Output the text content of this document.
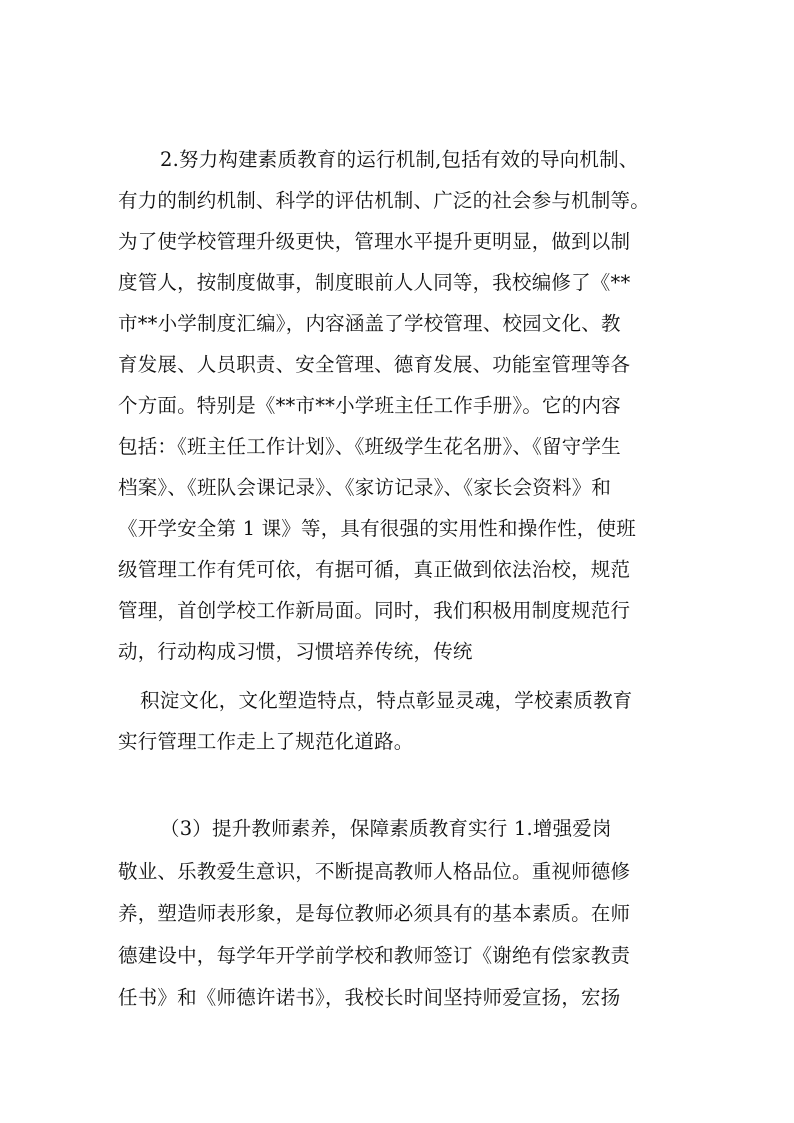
2.努力构建素质教育的运行机制,包括有效的导向机制、
有力的制约机制、科学的评估机制、广泛的社会参与机制等。
为了使学校管理升级更快，管理水平提升更明显，做到以制
度管人，按制度做事，制度眼前人人同等，我校编修了《**
市**小学制度汇编》，内容涵盖了学校管理、校园文化、教
育发展、人员职责、安全管理、德育发展、功能室管理等各
个方面。特别是《**市**小学班主任工作手册》。它的内容
包括：《班主任工作计划》、《班级学生花名册》、《留守学生
档案》、《班队会课记录》、《家访记录》、《家长会资料》和
《开学安全第 1 课》等，具有很强的实用性和操作性，使班
级管理工作有凭可依，有据可循，真正做到依法治校，规范
管理，首创学校工作新局面。同时，我们积极用制度规范行
动，行动构成习惯，习惯培养传统，传统
积淀文化，文化塑造特点，特点彰显灵魂，学校素质教育
实行管理工作走上了规范化道路。
（3）提升教师素养，保障素质教育实行 1.增强爱岗
敬业、乐教爱生意识，不断提高教师人格品位。重视师德修
养，塑造师表形象，是每位教师必须具有的基本素质。在师
德建设中，每学年开学前学校和教师签订《谢绝有偿家教责
任书》和《师德许诺书》，我校长时间坚持师爱宣扬，宏扬
